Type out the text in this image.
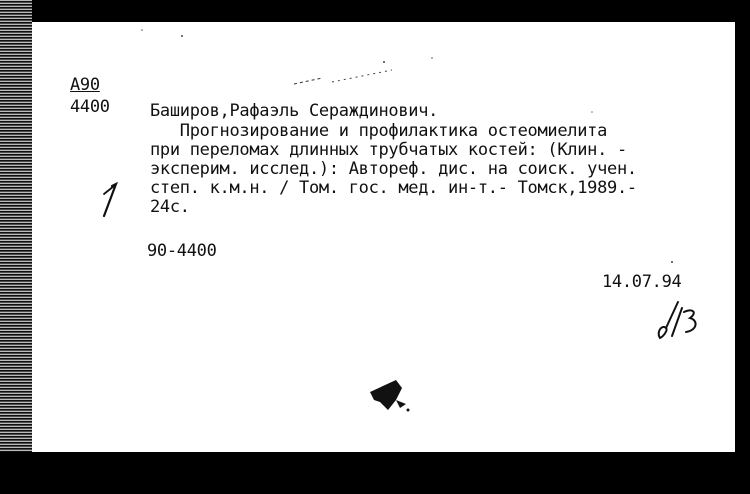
А90
4400 Баширов,Рафаэль Сераждинович.
Прогнозирование и профилактика остеомиелита
при переломах длинных трубчатых костей: (Клин. -
эксперим. исслед.): Автореф. дис. на соиск. учен.
степ. к.м.н. / Том. гос. мед. ин-т.- Томск,1989.-
24с.
90-4400
14.07.94
